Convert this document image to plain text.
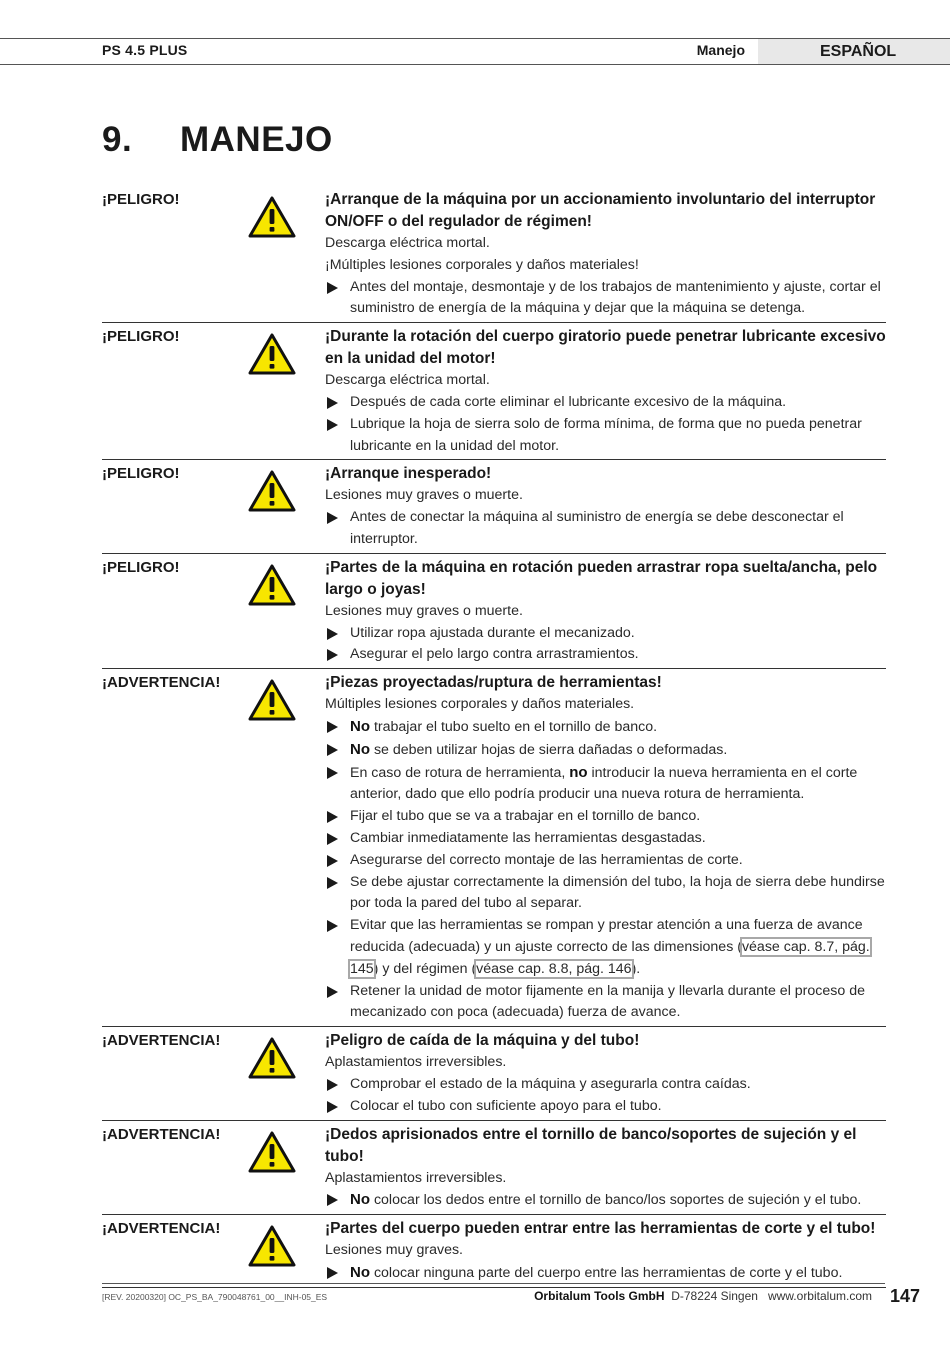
PS 4.5 PLUS	Manejo	ESPAÑOL
9. MANEJO
¡PELIGRO!	¡Arranque de la máquina por un accionamiento involuntario del interruptor ON/OFF o del regulador de régimen!
Descarga eléctrica mortal.
¡Múltiples lesiones corporales y daños materiales!
Antes del montaje, desmontaje y de los trabajos de mantenimiento y ajuste, cortar el suministro de energía de la máquina y dejar que la máquina se detenga.
¡PELIGRO!	¡Durante la rotación del cuerpo giratorio puede penetrar lubricante excesivo en la unidad del motor!
Descarga eléctrica mortal.
Después de cada corte eliminar el lubricante excesivo de la máquina.
Lubrique la hoja de sierra solo de forma mínima, de forma que no pueda penetrar lubricante en la unidad del motor.
¡PELIGRO!	¡Arranque inesperado!
Lesiones muy graves o muerte.
Antes de conectar la máquina al suministro de energía se debe desconectar el interruptor.
¡PELIGRO!	¡Partes de la máquina en rotación pueden arrastrar ropa suelta/ancha, pelo largo o joyas!
Lesiones muy graves o muerte.
Utilizar ropa ajustada durante el mecanizado.
Asegurar el pelo largo contra arrastramientos.
¡ADVERTENCIA!	¡Piezas proyectadas/ruptura de herramientas!
Múltiples lesiones corporales y daños materiales.
No trabajar el tubo suelto en el tornillo de banco.
No se deben utilizar hojas de sierra dañadas o deformadas.
En caso de rotura de herramienta, no introducir la nueva herramienta en el corte anterior, dado que ello podría producir una nueva rotura de herramienta.
Fijar el tubo que se va a trabajar en el tornillo de banco.
Cambiar inmediatamente las herramientas desgastadas.
Asegurarse del correcto montaje de las herramientas de corte.
Se debe ajustar correctamente la dimensión del tubo, la hoja de sierra debe hundirse por toda la pared del tubo al separar.
Evitar que las herramientas se rompan y prestar atención a una fuerza de avance reducida (adecuada) y un ajuste correcto de las dimensiones (véase cap. 8.7, pág. 145) y del régimen (véase cap. 8.8, pág. 146).
Retener la unidad de motor fijamente en la manija y llevarla durante el proceso de mecanizado con poca (adecuada) fuerza de avance.
¡ADVERTENCIA!	¡Peligro de caída de la máquina y del tubo!
Aplastamientos irreversibles.
Comprobar el estado de la máquina y asegurarla contra caídas.
Colocar el tubo con suficiente apoyo para el tubo.
¡ADVERTENCIA!	¡Dedos aprisionados entre el tornillo de banco/soportes de sujeción y el tubo!
Aplastamientos irreversibles.
No colocar los dedos entre el tornillo de banco/los soportes de sujeción y el tubo.
¡ADVERTENCIA!	¡Partes del cuerpo pueden entrar entre las herramientas de corte y el tubo!
Lesiones muy graves.
No colocar ninguna parte del cuerpo entre las herramientas de corte y el tubo.
[REV. 20200320] OC_PS_BA_790048761_00__INH-05_ES	Orbitalum Tools GmbH D-78224 Singen www.orbitalum.com 147
